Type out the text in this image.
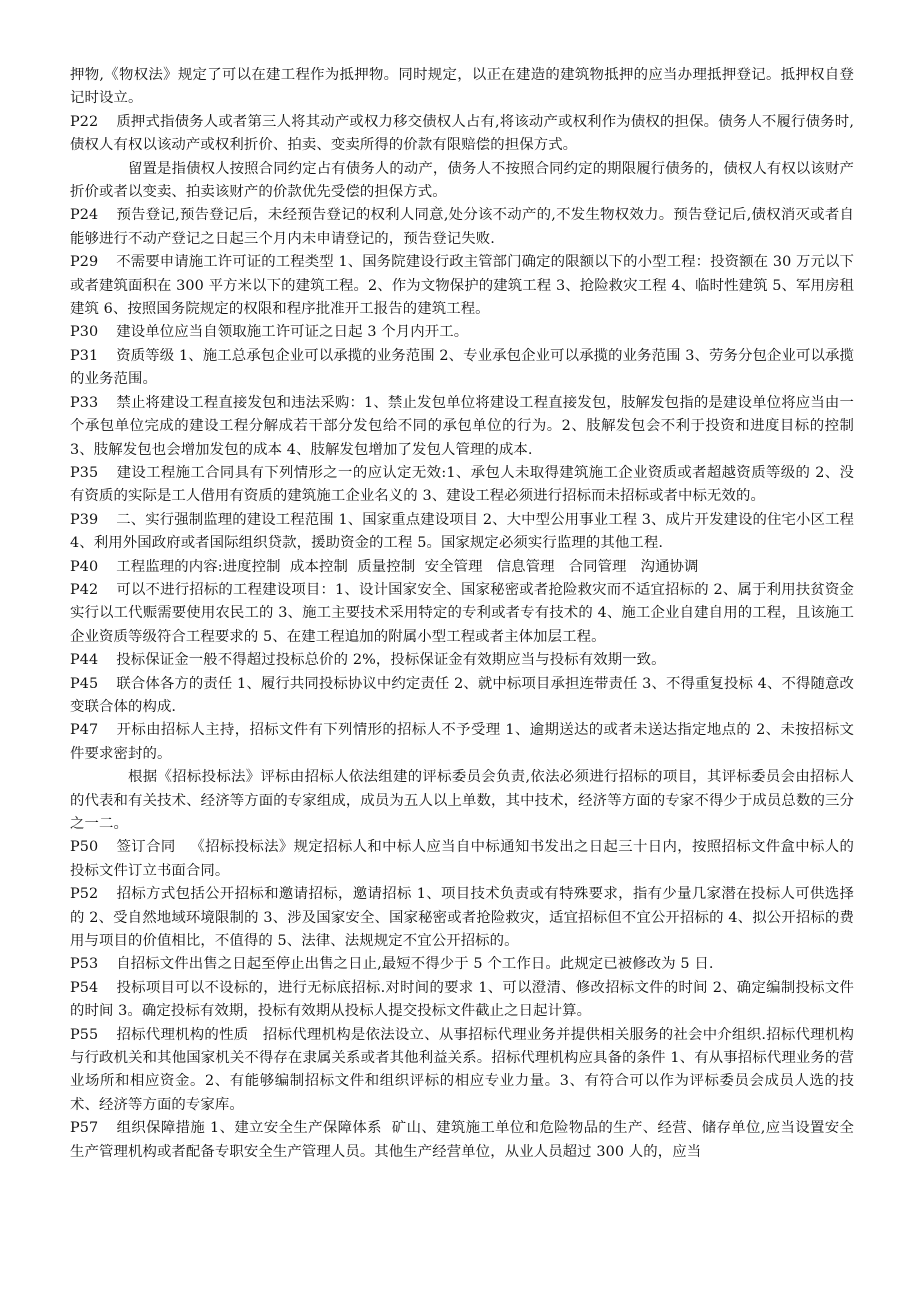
押物,《物权法》规定了可以在建工程作为抵押物。同时规定，以正在建造的建筑物抵押的应当办理抵押登记。抵押权自登记时设立。

P22 质押式指债务人或者第三人将其动产或权力移交债权人占有,将该动产或权利作为债权的担保。债务人不履行债务时,债权人有权以该动产或权利折价、拍卖、变卖所得的价款有限赔偿的担保方式。

留置是指债权人按照合同约定占有债务人的动产，债务人不按照合同约定的期限履行债务的，债权人有权以该财产折价或者以变卖、拍卖该财产的价款优先受偿的担保方式。

P24 预告登记,预告登记后，未经预告登记的权利人同意,处分该不动产的,不发生物权效力。预告登记后,债权消灭或者自能够进行不动产登记之日起三个月内未申请登记的，预告登记失败.

P29 不需要申请施工许可证的工程类型 1、国务院建设行政主管部门确定的限额以下的小型工程：投资额在 30 万元以下或者建筑面积在 300 平方米以下的建筑工程。2、作为文物保护的建筑工程 3、抢险救灾工程 4、临时性建筑 5、军用房租建筑 6、按照国务院规定的权限和程序批准开工报告的建筑工程。

P30 建设单位应当自领取施工许可证之日起 3 个月内开工。

P31 资质等级 1、施工总承包企业可以承揽的业务范围 2、专业承包企业可以承揽的业务范围 3、劳务分包企业可以承揽的业务范围。

P33 禁止将建设工程直接发包和违法采购：1、禁止发包单位将建设工程直接发包，肢解发包指的是建设单位将应当由一个承包单位完成的建设工程分解成若干部分发包给不同的承包单位的行为。2、肢解发包会不利于投资和进度目标的控制 3、肢解发包也会增加发包的成本 4、肢解发包增加了发包人管理的成本.

P35 建设工程施工合同具有下列情形之一的应认定无效:1、承包人未取得建筑施工企业资质或者超越资质等级的 2、没有资质的实际是工人借用有资质的建筑施工企业名义的 3、建设工程必须进行招标而未招标或者中标无效的。

P39 二、实行强制监理的建设工程范围 1、国家重点建设项目 2、大中型公用事业工程 3、成片开发建设的住宅小区工程 4、利用外国政府或者国际组织贷款，援助资金的工程 5。国家规定必须实行监理的其他工程.

P40 工程监理的内容:进度控制  成本控制  质量控制  安全管理   信息管理   合同管理   沟通协调

P42 可以不进行招标的工程建设项目：1、设计国家安全、国家秘密或者抢险救灾而不适宜招标的 2、属于利用扶贫资金实行以工代赈需要使用农民工的 3、施工主要技术采用特定的专利或者专有技术的 4、施工企业自建自用的工程，且该施工企业资质等级符合工程要求的 5、在建工程追加的附属小型工程或者主体加层工程。

P44 投标保证金一般不得超过投标总价的 2%，投标保证金有效期应当与投标有效期一致。

P45 联合体各方的责任 1、履行共同投标协议中约定责任 2、就中标项目承担连带责任 3、不得重复投标 4、不得随意改变联合体的构成.

P47 开标由招标人主持，招标文件有下列情形的招标人不予受理 1、逾期送达的或者未送达指定地点的 2、未按招标文件要求密封的。

根据《招标投标法》评标由招标人依法组建的评标委员会负责,依法必须进行招标的项目，其评标委员会由招标人的代表和有关技术、经济等方面的专家组成，成员为五人以上单数，其中技术，经济等方面的专家不得少于成员总数的三分之一二。

P50 签订合同   《招标投标法》规定招标人和中标人应当自中标通知书发出之日起三十日内，按照招标文件盒中标人的投标文件订立书面合同。

P52 招标方式包括公开招标和邀请招标，邀请招标 1、项目技术负责或有特殊要求，指有少量几家潜在投标人可供选择的 2、受自然地域环境限制的 3、涉及国家安全、国家秘密或者抢险救灾，适宜招标但不宜公开招标的 4、拟公开招标的费用与项目的价值相比，不值得的 5、法律、法规规定不宜公开招标的。

P53 自招标文件出售之日起至停止出售之日止,最短不得少于 5 个工作日。此规定已被修改为 5 日.

P54 投标项目可以不设标的，进行无标底招标.对时间的要求 1、可以澄清、修改招标文件的时间 2、确定编制投标文件的时间 3。确定投标有效期，投标有效期从投标人提交投标文件截止之日起计算。

P55 招标代理机构的性质   招标代理机构是依法设立、从事招标代理业务并提供相关服务的社会中介组织.招标代理机构与行政机关和其他国家机关不得存在隶属关系或者其他利益关系。招标代理机构应具备的条件 1、有从事招标代理业务的营业场所和相应资金。2、有能够编制招标文件和组织评标的相应专业力量。3、有符合可以作为评标委员会成员人选的技术、经济等方面的专家库。

P57 组织保障措施 1、建立安全生产保障体系  矿山、建筑施工单位和危险物品的生产、经营、储存单位,应当设置安全生产管理机构或者配备专职安全生产管理人员。其他生产经营单位，从业人员超过 300 人的，应当
